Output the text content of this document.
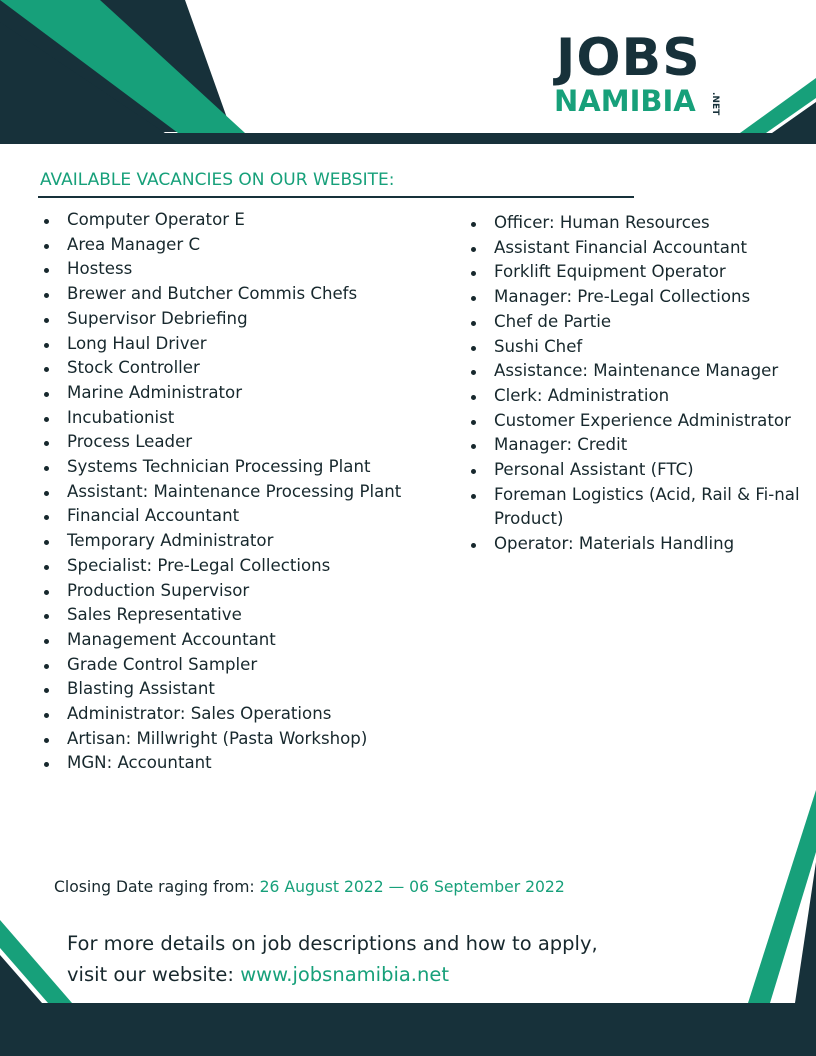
JOBS
NAMIBIA .NET
AVAILABLE VACANCIES ON OUR WEBSITE:
Computer Operator E
Area Manager C
Hostess
Brewer and Butcher Commis Chefs
Supervisor Debriefing
Long Haul Driver
Stock Controller
Marine Administrator
Incubationist
Process Leader
Systems Technician Processing Plant
Assistant: Maintenance Processing Plant
Financial Accountant
Temporary Administrator
Specialist: Pre-Legal Collections
Production Supervisor
Sales Representative
Management Accountant
Grade Control Sampler
Blasting Assistant
Administrator: Sales Operations
Artisan: Millwright (Pasta Workshop)
MGN: Accountant
Officer: Human Resources
Assistant Financial Accountant
Forklift Equipment Operator
Manager: Pre-Legal Collections
Chef de Partie
Sushi Chef
Assistance: Maintenance Manager
Clerk: Administration
Customer Experience Administrator
Manager: Credit
Personal Assistant (FTC)
Foreman Logistics (Acid, Rail & Fi-nal Product)
Operator: Materials Handling
Closing Date raging from: 26 August 2022 — 06 September 2022
For more details on job descriptions and how to apply,
visit our website: www.jobsnamibia.net
